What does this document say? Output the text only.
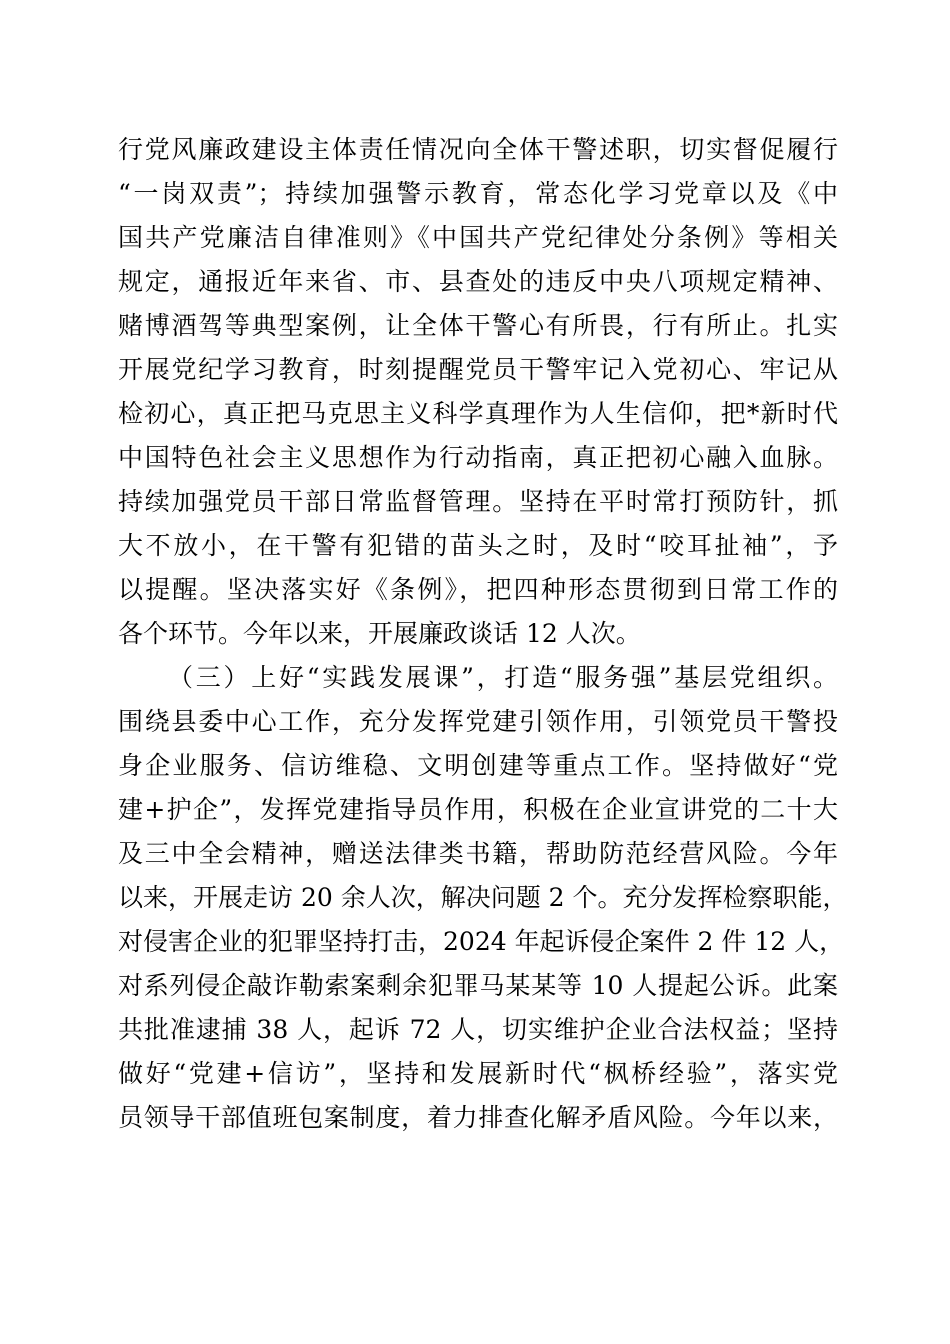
行党风廉政建设主体责任情况向全体干警述职，切实督促履行
“一岗双责”；持续加强警示教育，常态化学习党章以及《中
国共产党廉洁自律准则》《中国共产党纪律处分条例》等相关
规定，通报近年来省、市、县查处的违反中央八项规定精神、
赌博酒驾等典型案例，让全体干警心有所畏，行有所止。扎实
开展党纪学习教育，时刻提醒党员干警牢记入党初心、牢记从
检初心，真正把马克思主义科学真理作为人生信仰，把*新时代
中国特色社会主义思想作为行动指南，真正把初心融入血脉。
持续加强党员干部日常监督管理。坚持在平时常打预防针，抓
大不放小，在干警有犯错的苗头之时，及时“咬耳扯袖”，予
以提醒。坚决落实好《条例》，把四种形态贯彻到日常工作的
各个环节。今年以来，开展廉政谈话 12 人次。
（三）上好“实践发展课”，打造“服务强”基层党组织。
围绕县委中心工作，充分发挥党建引领作用，引领党员干警投
身企业服务、信访维稳、文明创建等重点工作。坚持做好“党
建+护企”，发挥党建指导员作用，积极在企业宣讲党的二十大
及三中全会精神，赠送法律类书籍，帮助防范经营风险。今年
以来，开展走访 20 余人次，解决问题 2 个。充分发挥检察职能，
对侵害企业的犯罪坚持打击，2024 年起诉侵企案件 2 件 12 人，
对系列侵企敲诈勒索案剩余犯罪马某某等 10 人提起公诉。此案
共批准逮捕 38 人，起诉 72 人，切实维护企业合法权益；坚持
做好“党建+信访”，坚持和发展新时代“枫桥经验”，落实党
员领导干部值班包案制度，着力排查化解矛盾风险。今年以来，
